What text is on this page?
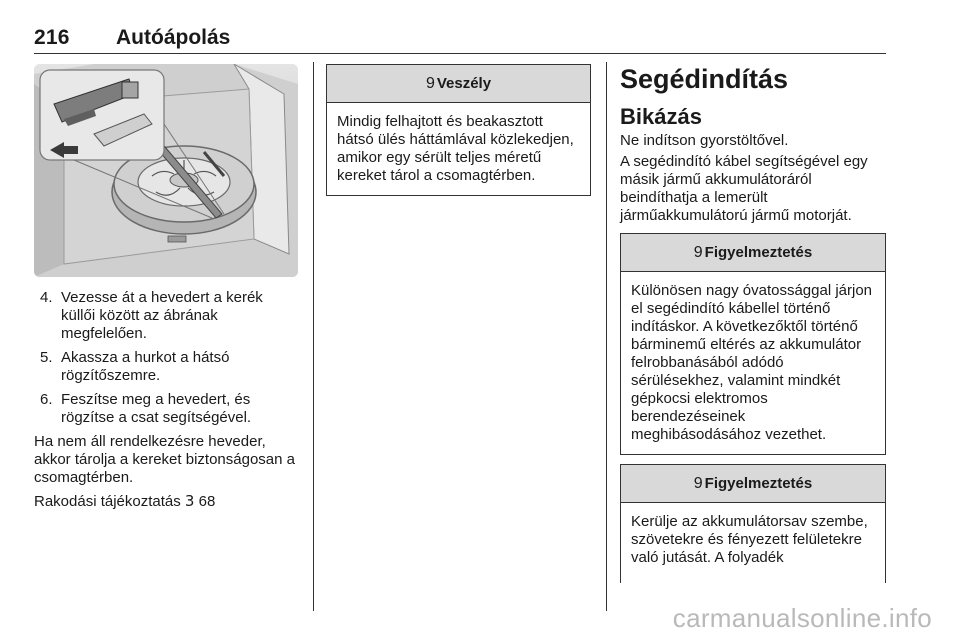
216 Autóápolás
4. Vezesse át a hevedert a kerék küllői között az ábrának megfelelően.
5. Akassza a hurkot a hátsó rögzítőszemre.
6. Feszítse meg a hevedert, és rögzítse a csat segítségével.

Ha nem áll rendelkezésre heveder, akkor tárolja a kereket biztonságosan a csomagtérben.

Rakodási tájékoztatás 3 68

9 Veszély
Mindig felhajtott és beakasztott hátsó ülés háttámlával közlekedjen, amikor egy sérült teljes méretű kereket tárol a csomagtérben.
Segédindítás
Bikázás

Ne indítson gyorstöltővel.

A segédindító kábel segítségével egy másik jármű akkumulátoráról beindíthatja a lemerült járműakkumulátorú jármű motorját.

9 Figyelmeztetés
Különösen nagy óvatossággal járjon el segédindító kábellel történő indításkor. A következőktől történő bárminemű eltérés az akkumulátor felrobbanásából adódó sérülésekhez, valamint mindkét gépkocsi elektromos berendezéseinek meghibásodásához vezethet.
9 Figyelmeztetés
Kerülje az akkumulátorsav szembe, szövetekre és fényezett felületekre való jutását. A folyadék
carmanualsonline.info
